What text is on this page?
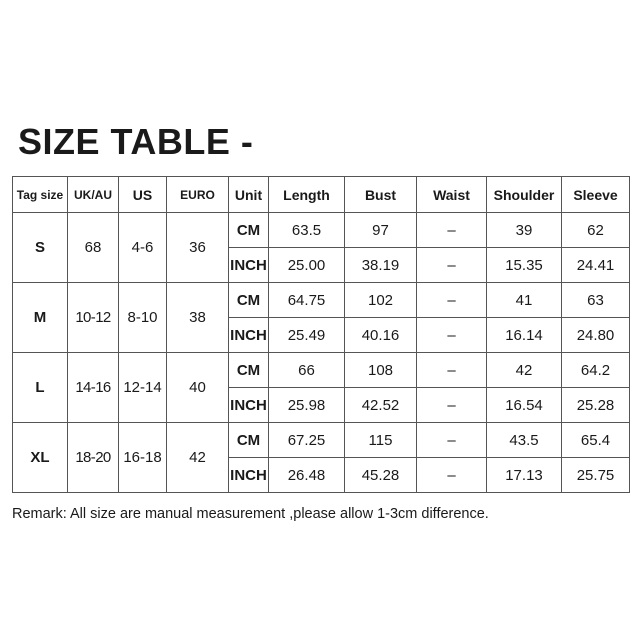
SIZE TABLE -
Tag size	UK/AU	US	EURO	Unit	Length	Bust	Waist	Shoulder	Sleeve
S	68	4-6	36	CM	63.5	97	–	39	62
				INCH	25.00	38.19	–	15.35	24.41
M	10-12	8-10	38	CM	64.75	102	–	41	63
				INCH	25.49	40.16	–	16.14	24.80
L	14-16	12-14	40	CM	66	108	–	42	64.2
				INCH	25.98	42.52	–	16.54	25.28
XL	18-20	16-18	42	CM	67.25	115	–	43.5	65.4
				INCH	26.48	45.28	–	17.13	25.75
Remark: All size are manual measurement ,please allow 1-3cm difference.
